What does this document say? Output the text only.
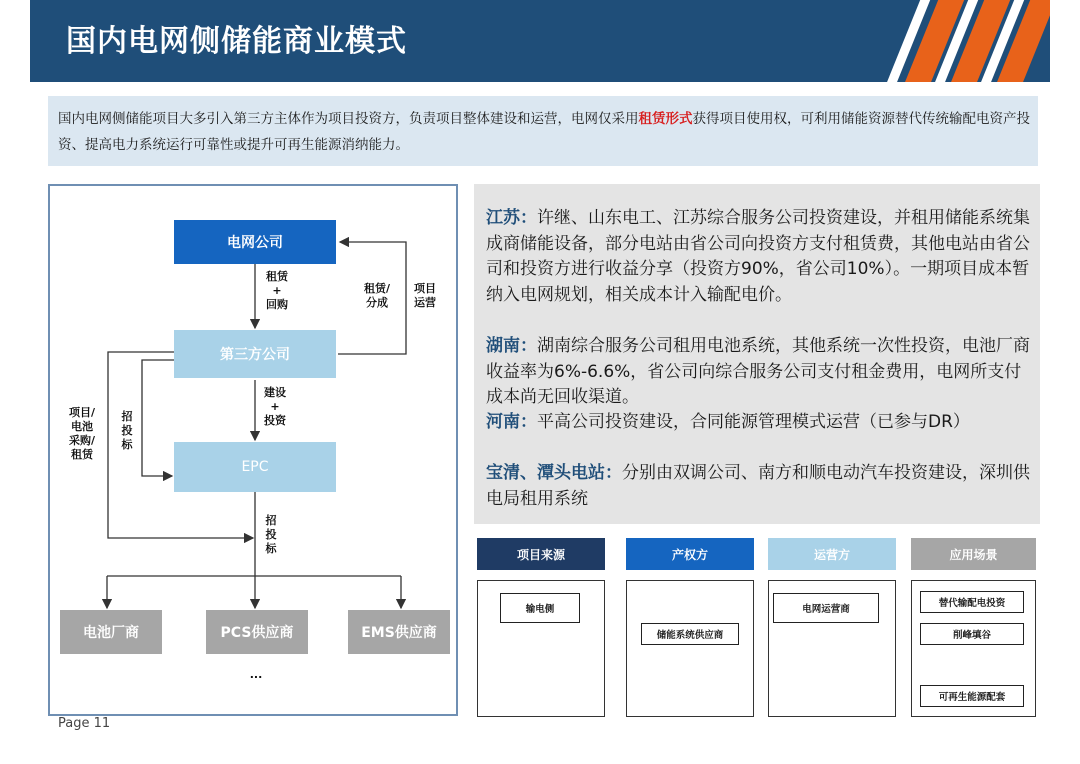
国内电网侧储能商业模式

国内电网侧储能项目大多引入第三方主体作为项目投资方，负责项目整体建设和运营，电网仅采用租赁形式获得项目使用权，可利用储能资源替代传统输配电资产投资、提高电力系统运行可靠性或提升可再生能源消纳能力。

电网公司
第三方公司
EPC
电池厂商	PCS供应商	EMS供应商
...
租赁
+
回购
租赁/
分成
项目
运营
建设
+
投资
项目/
电池
采购/
租赁
招
投
标
招
投
标
江苏：许继、山东电工、江苏综合服务公司投资建设，并租用储能系统集成商储能设备，部分电站由省公司向投资方支付租赁费，其他电站由省公司和投资方进行收益分享（投资方90%，省公司10%）。一期项目成本暂纳入电网规划，相关成本计入输配电价。
湖南：湖南综合服务公司租用电池系统，其他系统一次性投资，电池厂商收益率为6%-6.6%，省公司向综合服务公司支付租金费用，电网所支付成本尚无回收渠道。
河南：平高公司投资建设，合同能源管理模式运营（已参与DR）
宝清、潭头电站：分别由双调公司、南方和顺电动汽车投资建设，深圳供电局租用系统
项目来源	产权方	运营方	应用场景
输电侧
储能系统供应商
电网运营商
替代输配电投资
削峰填谷
可再生能源配套
Page 11
